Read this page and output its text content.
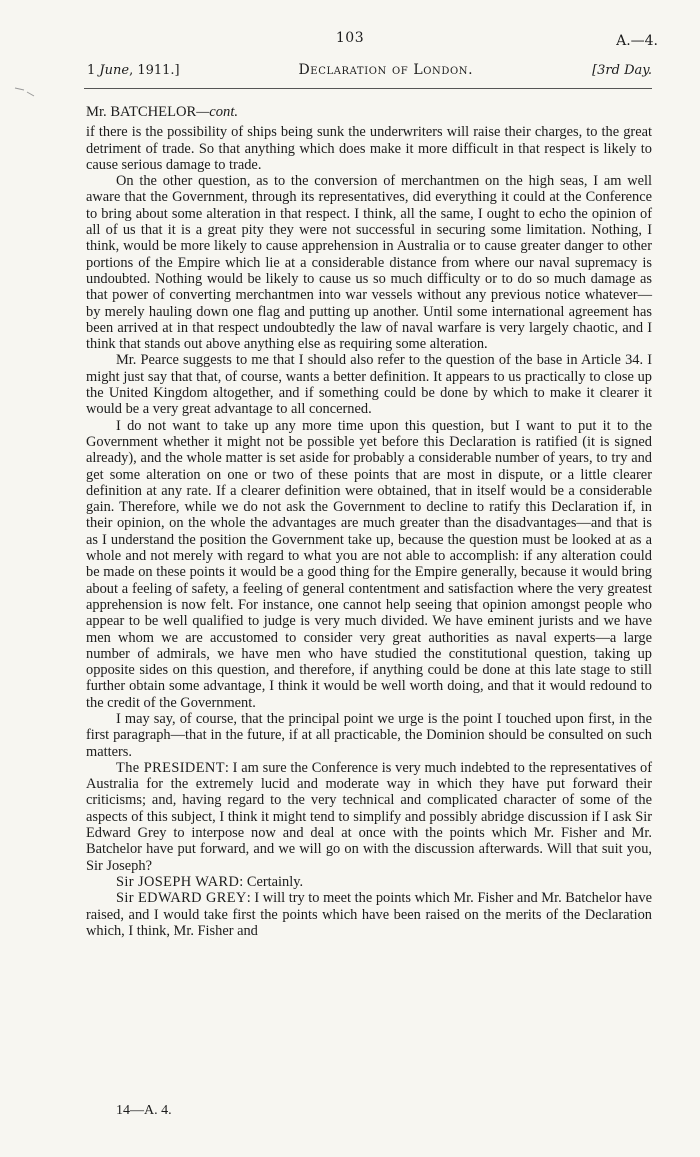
103	A.—4.
1 June, 1911.]	Declaration of London.	[3rd Day.

Mr. BATCHELOR—cont.

if there is the possibility of ships being sunk the underwriters will raise their charges, to the great detriment of trade. So that anything which does make it more difficult in that respect is likely to cause serious damage to trade.

On the other question, as to the conversion of merchantmen on the high seas, I am well aware that the Government, through its representatives, did everything it could at the Conference to bring about some alteration in that respect. I think, all the same, I ought to echo the opinion of all of us that it is a great pity they were not successful in securing some limitation. Nothing, I think, would be more likely to cause apprehension in Australia or to cause greater danger to other portions of the Empire which lie at a considerable distance from where our naval supremacy is undoubted. Nothing would be likely to cause us so much difficulty or to do so much damage as that power of converting merchantmen into war vessels without any previous notice whatever—by merely hauling down one flag and putting up another. Until some international agreement has been arrived at in that respect undoubtedly the law of naval warfare is very largely chaotic, and I think that stands out above anything else as requiring some alteration.

Mr. Pearce suggests to me that I should also refer to the question of the base in Article 34. I might just say that that, of course, wants a better definition. It appears to us practically to close up the United Kingdom altogether, and if something could be done by which to make it clearer it would be a very great advantage to all concerned.

I do not want to take up any more time upon this question, but I want to put it to the Government whether it might not be possible yet before this Declaration is ratified (it is signed already), and the whole matter is set aside for probably a considerable number of years, to try and get some alteration on one or two of these points that are most in dispute, or a little clearer definition at any rate. If a clearer definition were obtained, that in itself would be a considerable gain. Therefore, while we do not ask the Government to decline to ratify this Declaration if, in their opinion, on the whole the advantages are much greater than the disadvantages—and that is as I understand the position the Government take up, because the question must be looked at as a whole and not merely with regard to what you are not able to accomplish: if any alteration could be made on these points it would be a good thing for the Empire generally, because it would bring about a feeling of safety, a feeling of general contentment and satisfaction where the very greatest apprehension is now felt. For instance, one cannot help seeing that opinion amongst people who appear to be well qualified to judge is very much divided. We have eminent jurists and we have men whom we are accustomed to consider very great authorities as naval experts—a large number of admirals, we have men who have studied the constitutional question, taking up opposite sides on this question, and therefore, if anything could be done at this late stage to still further obtain some advantage, I think it would be well worth doing, and that it would redound to the credit of the Government.

I may say, of course, that the principal point we urge is the point I touched upon first, in the first paragraph—that in the future, if at all practicable, the Dominion should be consulted on such matters.

The PRESIDENT: I am sure the Conference is very much indebted to the representatives of Australia for the extremely lucid and moderate way in which they have put forward their criticisms; and, having regard to the very technical and complicated character of some of the aspects of this subject, I think it might tend to simplify and possibly abridge discussion if I ask Sir Edward Grey to interpose now and deal at once with the points which Mr. Fisher and Mr. Batchelor have put forward, and we will go on with the discussion afterwards. Will that suit you, Sir Joseph?

Sir JOSEPH WARD: Certainly.

Sir EDWARD GREY: I will try to meet the points which Mr. Fisher and Mr. Batchelor have raised, and I would take first the points which have been raised on the merits of the Declaration which, I think, Mr. Fisher and

14—A. 4.
